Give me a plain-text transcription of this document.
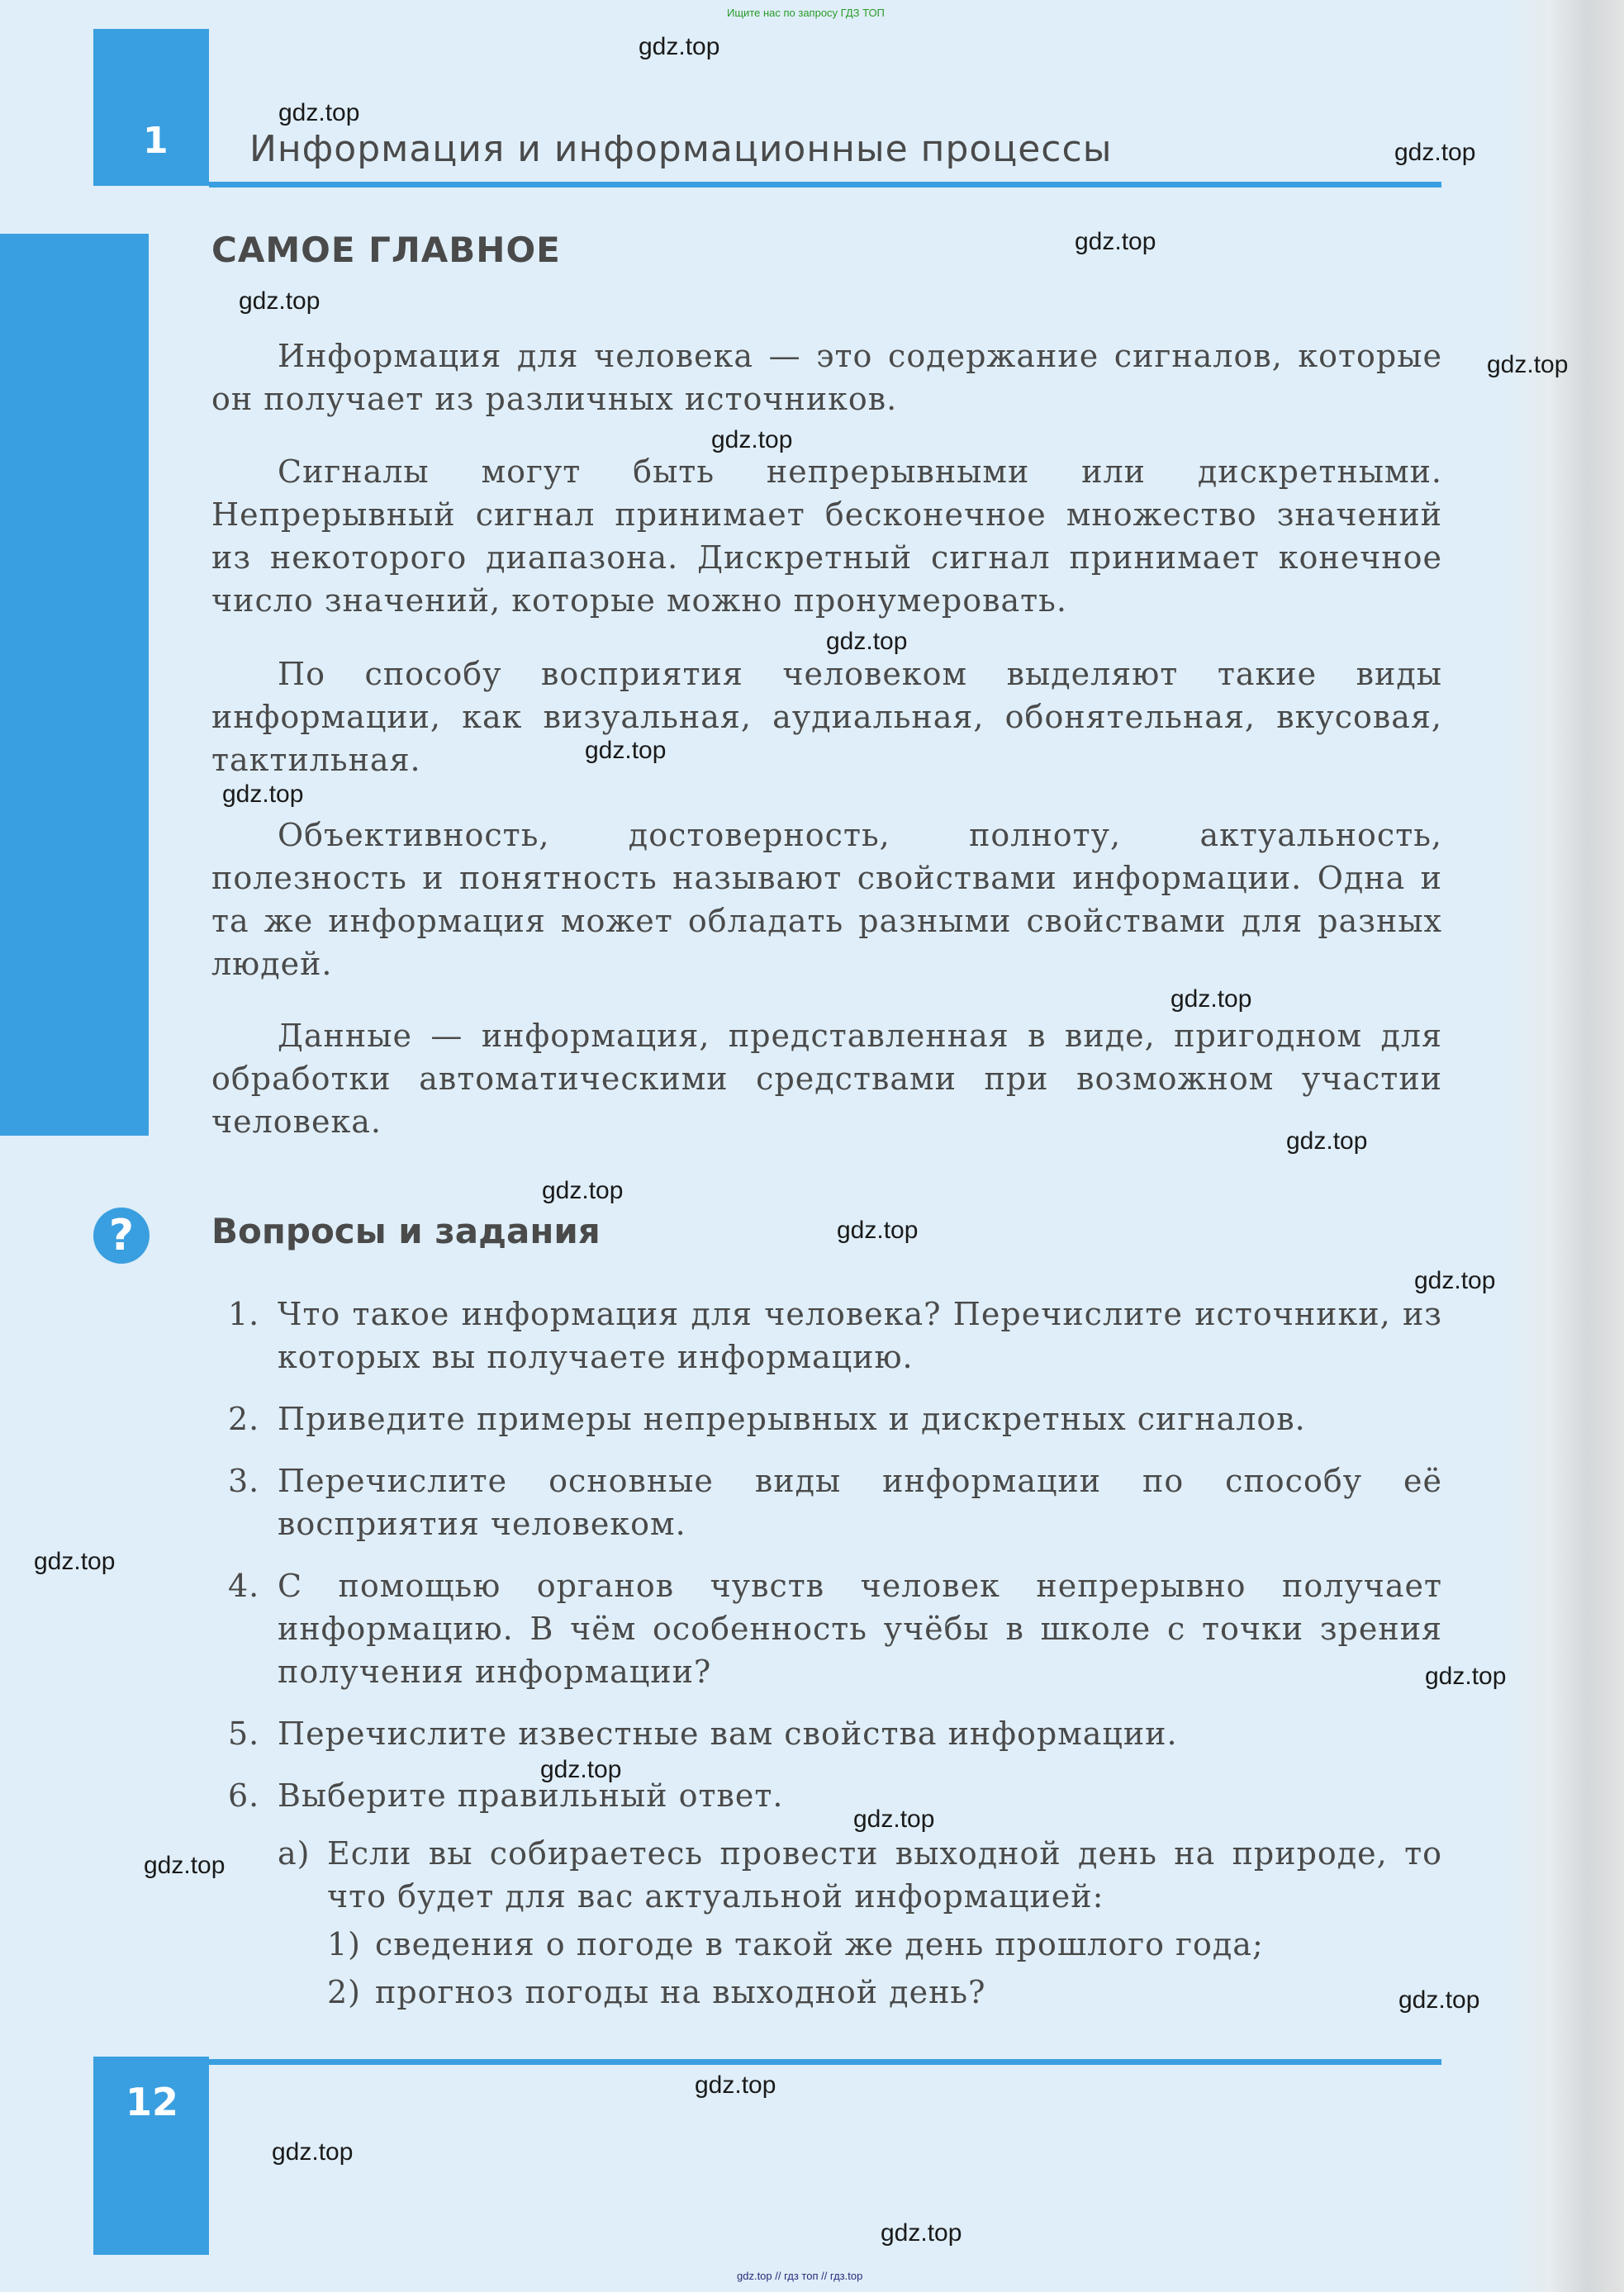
Ищите нас по запросу ГДЗ ТОП
1 Информация и информационные процессы
САМОЕ ГЛАВНОЕ

Информация для человека — это содержание сигналов, которые он получает из различных источников.

Сигналы могут быть непрерывными или дискретными. Непрерывный сигнал принимает бесконечное множество значений из некоторого диапазона. Дискретный сигнал принимает конечное число значений, которые можно пронумеровать.

По способу восприятия человеком выделяют такие виды информации, как визуальная, аудиальная, обонятельная, вкусовая, тактильная.

Объективность, достоверность, полноту, актуальность, полезность и понятность называют свойствами информации. Одна и та же информация может обладать разными свойствами для разных людей.

Данные — информация, представленная в виде, пригодном для обработки автоматическими средствами при возможном участии человека.

?	Вопросы и задания
1. Что такое информация для человека? Перечислите источники, из которых вы получаете информацию.
2. Приведите примеры непрерывных и дискретных сигналов.
3. Перечислите основные виды информации по способу её восприятия человеком.
4. С помощью органов чувств человек непрерывно получает информацию. В чём особенность учёбы в школе с точки зрения получения информации?
5. Перечислите известные вам свойства информации.
6. Выберите правильный ответ.
а) Если вы собираетесь провести выходной день на природе, то что будет для вас актуальной информацией:
1) сведения о погоде в такой же день прошлого года;
2) прогноз погоды на выходной день?
12
gdz.top // гдз топ // гдз.top
gdz.top
gdz.top
gdz.top
gdz.top
gdz.top
gdz.top
gdz.top
gdz.top
gdz.top
gdz.top
gdz.top
gdz.top
gdz.top
gdz.top
gdz.top
gdz.top
gdz.top
gdz.top
gdz.top
gdz.top
gdz.top
gdz.top
gdz.top
gdz.top
